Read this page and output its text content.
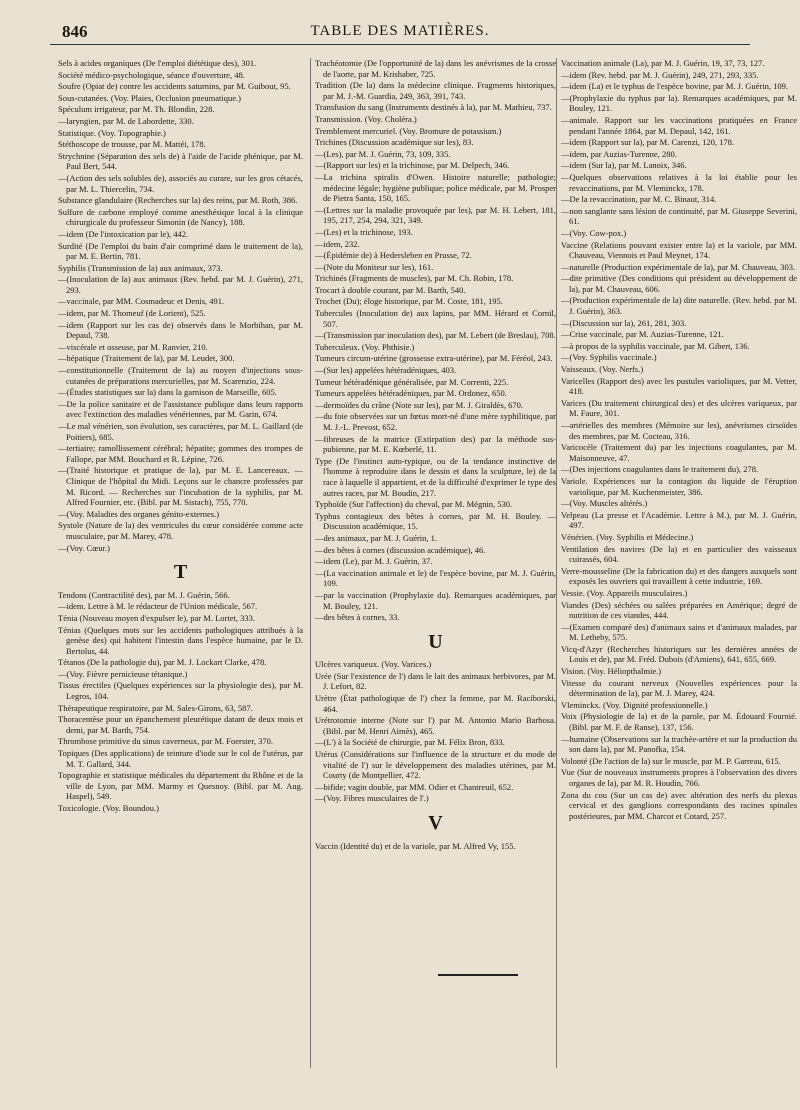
846	TABLE DES MATIÈRES.
Sels à acides organiques (De l'emploi diététique des), 301.
Société médico-psychologique, séance d'ouverture, 48.
Soufre (Opiat de) contre les accidents saturnins, par M. Guibout, 95.
Sous-cutanées. (Voy. Plaies, Occlusion pneumatique.)
Spéculum irrigateur, par M. Th. Blondin, 228.
—laryngien, par M. de Labordette, 330.
Statistique. (Voy. Topographie.)
Stéthoscope de trousse, par M. Mattéi, 178.
Strychnine (Séparation des sels de) à l'aide de l'acide phénique, par M. Paul Bert, 544.
—(Action des sels solubles de), associés au curare, sur les gros cétacés, par M. L. Thiercelin, 734.
Substance glandulaire (Recherches sur la) des reins, par M. Roth, 386.
Sulfure de carbone employé comme anesthésique local à la clinique chirurgicale du professeur Simonin (de Nancy), 188.
—idem (De l'intoxication par le), 442.
Surdité (De l'emploi du bain d'air comprimé dans le traitement de la), par M. E. Bertin, 781.
Syphilis (Transmission de la) aux animaux, 373.
—(Inoculation de la) aux animaux (Rev. hebd. par M. J. Guérin), 271, 293.
—vaccinale, par MM. Cosmadeuc et Denis, 491.
—idem, par M. Thomeuf (de Lorient), 525.
—idem (Rapport sur les cas de) observés dans le Morbihan, par M. Depaul, 738.
—viscérale et osseuse, par M. Ranvier, 210.
—hépatique (Traitement de la), par M. Leudet, 300.
—constitutionnelle (Traitement de la) au moyen d'injections sous-cutanées de préparations mercurielles, par M. Scarenzio, 224.
—(Études statistiques sur la) dans la garnison de Marseille, 605.
—De la police sanitaire et de l'assistance publique dans leurs rapports avec l'extinction des maladies vénériennes, par M. Garin, 674.
—Le mal vénérien, son évolution, ses caractères, par M. L. Gaillard (de Poitiers), 685.
—tertiaire; ramollissement cérébral; hépatite; gommes des trompes de Fallope, par MM. Bouchard et R. Lépine, 726.
—(Traité historique et pratique de la), par M. E. Lancereaux. — Clinique de l'hôpital du Midi. Leçons sur le chancre professées par M. Ricord. — Recherches sur l'incubation de la syphilis, par M. Alfred Fournier, etc. (Bibl. par M. Sistach), 755, 770.
—(Voy. Maladies des organes génito-externes.)
Systole (Nature de la) des ventricules du cœur considérée comme acte musculaire, par M. Marey, 478.
—(Voy. Cœur.)
T
Tendons (Contractilité des), par M. J. Guérin, 566.
—idem. Lettre à M. le rédacteur de l'Union médicale, 567.
Ténia (Nouveau moyen d'expulser le), par M. Lortet, 333.
Ténias (Quelques mots sur les accidents pathologiques attribués à la genèse des) qui habitent l'intestin dans l'espèce humaine, par le D. Bertolus, 44.
Tétanos (De la pathologie du), par M. J. Lockart Clarke, 478.
—(Voy. Fièvre pernicieuse tétanique.)
Tissus érectiles (Quelques expériences sur la physiologie des), par M. Legros, 104.
Thérapeutique respiratoire, par M. Sales-Girons, 63, 587.
Thoracentèse pour un épanchement pleurétique datant de deux mois et demi, par M. Barth, 754.
Thrombose primitive du sinus caverneux, par M. Foerster, 370.
Topiques (Des applications) de teinture d'iode sur le col de l'utérus, par M. T. Gallard, 344.
Topographie et statistique médicales du département du Rhône et de la ville de Lyon, par MM. Marmy et Quesnoy. (Bibl. par M. Aug. Haspel), 549.
Toxicologie. (Voy. Boundou.)
Trachéotomie (De l'opportunité de la) dans les anévrismes de la crosse de l'aorte, par M. Krishaber, 725.
Tradition (De la) dans la médecine clinique. Fragments historiques, par M. J.-M. Guardia, 249, 363, 391, 743.
Transfusion du sang (Instruments destinés à la), par M. Mathieu, 737.
Transmission. (Voy. Choléra.)
Tremblement mercuriel. (Voy. Bromure de potassium.)
Trichines (Discussion académique sur les), 83.
—(Les), par M. J. Guérin, 73, 109, 335.
—(Rapport sur les) et la trichinose, par M. Delpech, 346.
—La trichina spiralis d'Owen. Histoire naturelle; pathologie; médecine légale; hygiène publique; police médicale, par M. Prosper de Pietra Santa, 150, 165.
—(Lettres sur la maladie provoquée par les), par M. H. Lebert, 181, 195, 217, 254, 294, 321, 349.
—(Les) et la trichinose, 193.
—idem, 232.
—(Épidémie de) à Hedersleben en Prusse, 72.
—(Note du Moniteur sur les), 161.
Trichinés (Fragments de muscles), par M. Ch. Robin, 178.
Trocart à double courant, par M. Barth, 540.
Trochet (Du); éloge historique, par M. Coste, 181, 195.
Tubercules (Inoculation de) aux lapins, par MM. Hérard et Cornil, 507.
—(Transmission par inoculation des), par M. Lebert (de Breslau), 708.
Tuberculeux. (Voy. Phthisie.)
Tumeurs circum-utérine (grossesse extra-utérine), par M. Féréol, 243.
—(Sur les) appelées hétéradéniques, 403.
Tumeur hétéradénique généralisée, par M. Correnti, 225.
Tumeurs appelées hétéradéniques, par M. Ordonez, 650.
—dermoïdes du crâne (Note sur les), par M. J. Giraldès, 670.
—du foie observées sur un fœtus mort-né d'une mère syphilitique, par M. J.-L. Prevost, 652.
—fibreuses de la matrice (Extirpation des) par la méthode sus-pubienne, par M. E. Kœberlé, 11.
Type (De l'instinct auto-typique, ou de la tendance instinctive de l'homme à reproduire dans le dessin et dans la sculpture, le) de la race à laquelle il appartient, et de la difficulté d'exprimer le type des autres races, par M. Boudin, 217.
Typhoïde (Sur l'affection) du cheval, par M. Mégnin, 530.
Typhus contagieux des bêtes à cornes, par M. H. Bouley. — Discussion académique, 15.
—des animaux, par M. J. Guérin, 1.
—des bêtes à cornes (discussion académique), 46.
—idem (Le), par M. J. Guérin, 37.
—(La vaccination animale et le) de l'espèce bovine, par M. J. Guérin, 109.
—par la vaccination (Prophylaxie du). Remarques académiques, par M. Bouley, 121.
—des bêtes à cornes, 33.
U
Ulcères variqueux. (Voy. Varices.)
Urée (Sur l'existence de l') dans le lait des animaux herbivores, par M. J. Lefort, 82.
Urètre (État pathologique de l') chez la femme, par M. Raciborski, 464.
Urétrotomie interne (Note sur l') par M. Antonio Mario Barbosa. (Bibl. par M. Henri Aimès), 465.
—(L') à la Société de chirurgie, par M. Félix Bron, 833.
Utérus (Considérations sur l'influence de la structure et du mode de vitalité de l') sur le développement des maladies utérines, par M. Courty (de Montpellier, 472.
—bifide; vagin double, par MM. Odier et Chantreuil, 652.
—(Voy. Fibres musculaires de l'.)
V
Vaccin (Identité du) et de la variole, par M. Alfred Vy, 155.
Vaccination animale (La), par M. J. Guérin, 19, 37, 73, 127.
—idem (Rev. hebd. par M. J. Guérin), 249, 271, 293, 335.
—idem (La) et le typhus de l'espèce bovine, par M. J. Guérin, 109.
—(Prophylaxie du typhus par la). Remarques académiques, par M. Bouley, 121.
—animale. Rapport sur les vaccinations pratiquées en France pendant l'année 1864, par M. Depaul, 142, 161.
—idem (Rapport sur la), par M. Carenzi, 120, 178.
—idem, par Auzias-Turenne, 280.
—idem (Sur la), par M. Lanoix, 346.
—Quelques observations relatives à la loi établie pour les revaccinations, par M. Vleminckx, 178.
—De la revaccination, par M. C. Binaut, 314.
—non sanglante sans lésion de continuité, par M. Giuseppe Severini, 61.
—(Voy. Cow-pox.)
Vaccine (Relations pouvant exister entre la) et la variole, par MM. Chauveau, Viennois et Paul Meynet, 174.
—naturelle (Production expérimentale de la), par M. Chauveau, 303.
—dite primitive (Des conditions qui président au développement de la), par M. Chauveau, 606.
—(Production expérimentale de la) dite naturelle. (Rev. hebd. par M. J. Guérin), 363.
—(Discussion sur la), 261, 281, 303.
—Crise vaccinale, par M. Auzias-Turenne, 121.
—à propos de la syphilis vaccinale, par M. Gibert, 136.
—(Voy. Syphilis vaccinale.)
Vaisseaux. (Voy. Nerfs.)
Varicelles (Rapport des) avec les pustules varioliques, par M. Vetter, 418.
Varices (Du traitement chirurgical des) et des ulcères variqueux, par M. Faure, 301.
—artérielles des membres (Mémoire sur les), anévrismes cirsoïdes des membres, par M. Cocteau, 316.
Varicocèle (Traitement du) par les injections coagulantes, par M. Maisonneuve, 47.
—(Des injections coagulantes dans le traitement du), 278.
Variole. Expériences sur la contagion du liquide de l'éruption variolique, par M. Kuchenmeister, 386.
—(Voy. Muscles altérés.)
Velpeau (La presse et l'Académie. Lettre à M.), par M. J. Guérin, 497.
Vénérien. (Voy. Syphilis et Médecine.)
Ventilation des navires (De la) et en particulier des vaisseaux cuirassés, 604.
Verre-mousseline (De la fabrication du) et des dangers auxquels sont exposés les ouvriers qui travaillent à cette industrie, 169.
Vessie. (Voy. Appareils musculaires.)
Viandes (Des) séchées ou salées préparées en Amérique; degré de nutrition de ces viandes, 444.
—(Examen comparé des) d'animaux sains et d'animaux malades, par M. Letheby, 575.
Vicq-d'Azyr (Recherches historiques sur les dernières années de Louis et de), par M. Fréd. Dubois (d'Amiens), 641, 655, 669.
Vision. (Voy. Héliopthalmie.)
Vitesse du courant nerveux (Nouvelles expériences pour la détermination de la), par M. J. Marey, 424.
Vleminckx. (Voy. Dignité professionnelle.)
Voix (Physiologie de la) et de la parole, par M. Édouard Fournié. (Bibl. par M. F. de Ranse), 137, 156.
—humaine (Observations sur la trachée-artère et sur la production du son dans la), par M. Panofka, 154.
Volonté (De l'action de la) sur le muscle, par M. P. Garreau, 615.
Vue (Sur de nouveaux instruments propres à l'observation des divers organes de la), par M. R. Houdin, 766.
Zona du cou (Sur un cas de) avec altération des nerfs du plexus cervical et des ganglions correspondants des racines spinales postérieures, par MM. Charcot et Cotard, 257.
